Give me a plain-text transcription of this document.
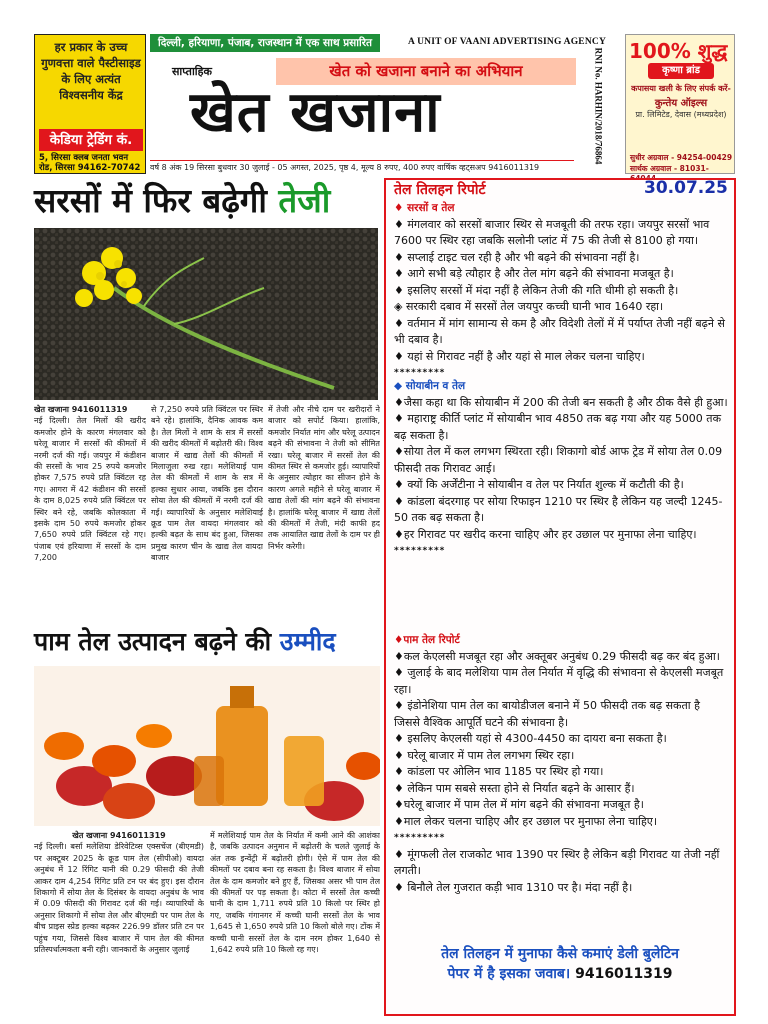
हर प्रकार के उच्च गुणवत्ता वाले पैस्टीसाइड के लिए अत्यंत विश्वसनीय केंद्र
केडिया ट्रेडिंग कं.
5, सिरसा क्लब जनता भवन रोड, सिरसा 94162-70742
दिल्ली, हरियाणा, पंजाब, राजस्थान में एक साथ प्रसारित	A UNIT OF VAANI ADVERTISING AGENCY
साप्ताहिक	खेत को खजाना बनाने का अभियान
खेत खजाना	RNI No. HARHIN/2018/76864 100% शुद्ध
कृष्णा ब्रांड
कपासया खली के लिए संपर्क करें-
कुन्तेय ऑइल्स
प्रा. लिमिटेड, देवास (मध्यप्रदेश)
सुधीर अग्रवाल - 94254-00429
सार्थक अग्रवाल - 81031-
वर्ष 8 अंक 19 सिरसा बुधवार 30 जुलाई - 05 अगस्त, 2025, पृष्ठ 4, मूल्य 8 रुपए, 400 रुपए वार्षिक व्हट्सअप 9416011319
सरसों में फिर बढ़ेगी तेजी
खेत खजाना 9416011319
नई दिल्ली। तेल मिलों की खरीद कमजोर होने के कारण मंगलवार को घरेलू बाजार में सरसों की कीमतों में नरमी दर्ज की गई। जयपुर में कंडीशन की सरसों के भाव 25 रुपये कमजोर होकर 7,575 रुपये प्रति क्विंटल रह गए। आगरा में 42 कंडीशन की सरसों के दाम 8,025 रुपये प्रति क्विंटल पर स्थिर बने रहे, जबकि कोलकाता में इसके दाम 50 रुपये कमजोर होकर 7,650 रुपये प्रति क्विंटल रहे गए। पंजाब एवं हरियाणा में सरसों के दाम 7,200
से 7,250 रुपये प्रति क्विंटल पर स्थिर बने रहे। हालांकि, दैनिक आवक कम है। तेल मिलों ने शाम के सत्र में सरसों की खरीद कीमतों में बढ़ोतरी की। विश्व बाजार में खाद्य तेलों की कीमतों में मिलाजुला रुख रहा। मलेशियाई पाम तेल की कीमतों में शाम के सत्र में हल्का सुधार आया, जबकि इस दौरान सोया तेल की कीमतों में नरमी दर्ज की गई। व्यापारियों के अनुसार मलेशियाई क्रूड पाम तेल वायदा मंगलवार को हल्की बढ़त के साथ बंद हुआ, जिसका प्रमुख कारण चीन के खाद्य तेल वायदा बाजार
में तेजी और नीचे दाम पर खरीदारों ने बाजार को सपोर्ट किया। हालांकि, कमजोर निर्यात मांग और घरेलू उत्पादन बढ़ने की संभावना ने तेजी को सीमित रखा। घरेलू बाजार में सरसों तेल की कीमत स्थिर से कमजोर हुई। व्यापारियों के अनुसार त्योहार का सीजन होने के कारण अगले महीने से घरेलू बाजार में खाद्य तेलों की मांग बढ़ने की संभावना है। हालांकि घरेलू बाजार में खाद्य तेलों की कीमतों में तेजी, मंदी काफी हद तक आयातित खाद्य तेलों के दाम पर ही निर्भर करेगी।
पाम तेल उत्पादन बढ़ने की उम्मीद
खेत खजाना 9416011319
नई दिल्ली। बर्सा मलेशिया डेरिवेटिव्स एक्सचेंज (बीएमडी) पर अक्टूबर 2025 के क्रूड पाम तेल (सीपीओ) वायदा अनुबंध में 12 रिंगिट यानी की 0.29 फीसदी की तेजी आकर दाम 4,254 रिंगिट प्रति टन पर बंद हुए। इस दौरान शिकागो में सोया तेल के दिसंबर के वायदा अनुबंध के भाव में 0.09 फीसदी की गिरावट दर्ज की गई। व्यापारियों के अनुसार शिकागो में सोया तेल और बीएमडी पर पाम तेल के बीच प्राइस स्प्रेड हल्का बढ़कर 226.99 डॉलर प्रति टन पर पहुंच गया, जिससे विश्व बाजार में पाम तेल की कीमत प्रतिस्पर्धात्मकता बनी रही। जानकारों के अनुसार जुलाई
में मलेशियाई पाम तेल के निर्यात में कमी आने की आशंका है, जबकि उत्पादन अनुमान में बढ़ोतरी के चलते जुलाई के अंत तक इन्वेंट्री में बढ़ोतरी होगी। ऐसे में पाम तेल की कीमतों पर दबाव बना रह सकता है। विश्व बाजार में सोया तेल के दाम कमजोर बने हुए हैं, जिसका असर भी पाम तेल की कीमतों पर पड़ सकता है। कोटा में सरसों तेल कच्ची घानी के दाम 1,711 रुपये प्रति 10 किलो पर स्थिर हो गए, जबकि गंगानगर में कच्ची घानी सरसों तेल के भाव 1,645 से 1,650 रुपये प्रति 10 किलो बोले गए। टोंक में कच्ची घानी सरसों तेल के दाम नरम होकर 1,640 से 1,642 रुपये प्रति 10 किलो रह गए।
तेल तिलहन रिपोर्ट	30.07.25
♦ सरसों व तेल
♦ मंगलवार को सरसों बाजार स्थिर से मजबूती की तरफ रहा। जयपुर सरसों भाव 7600 पर स्थिर रहा जबकि सलोनी प्लांट में 75 की तेजी से 8100 हो गया।
♦ सप्लाई टाइट चल रही है और भी बढ़ने की संभावना नहीं है।
♦ आगे सभी बड़े त्यौहार है और तेल मांग बढ़ने की संभावना मजबूत है।
♦ इसलिए सरसों में मंदा नहीं है लेकिन तेजी की गति धीमी हो सकती है।
◈ सरकारी दबाव में सरसों तेल जयपुर कच्ची घानी भाव 1640 रहा।
♦ वर्तमान में मांग सामान्य से कम है और विदेशी तेलों में में पर्याप्त तेजी नहीं बढ़ने से भी दबाव है।
♦ यहां से गिरावट नहीं है और यहां से माल लेकर चलना चाहिए।
*********
◆ सोयाबीन व तेल
♦जैसा कहा था कि सोयाबीन में 200 की तेजी बन सकती है और ठीक वैसे ही हुआ।
♦ महाराष्ट्र कीर्ति प्लांट में सोयाबीन भाव 4850 तक बढ़ गया और यह 5000 तक बढ़ सकता है।
♦सोया तेल में कल लगभग स्थिरता रही। शिकागो बोर्ड आफ ट्रेड में सोया तेल 0.09 फीसदी तक गिरावट आई।
♦ क्यों कि अर्जेंटीना ने सोयाबीन व तेल पर निर्यात शुल्क में कटौती की है।
♦ कांडला बंदरगाह पर सोया रिफाइन 1210 पर स्थिर है लेकिन यह जल्दी 1245-50 तक बढ़ सकता है।
♦हर गिरावट पर खरीद करना चाहिए और हर उछाल पर मुनाफा लेना चाहिए।
*********
♦पाम तेल रिपोर्ट
♦कल केएलसी मजबूत रहा और अक्तूबर अनुबंध 0.29 फीसदी बढ़ कर बंद हुआ।
♦ जुलाई के बाद मलेशिया पाम तेल निर्यात में वृद्धि की संभावना से केएलसी मजबूत रहा।
♦ इंडोनेशिया पाम तेल का बायोडीजल बनाने में 50 फीसदी तक बढ़ सकता है जिससे वैश्विक आपूर्ति घटने की संभावना है।
♦ इसलिए केएलसी यहां से 4300-4450 का दायरा बना सकता है।
♦ घरेलू बाजार में पाम तेल लगभग स्थिर रहा।
♦ कांडला पर ओलिन भाव 1185 पर स्थिर हो गया।
♦ लेकिन पाम सबसे सस्ता होने से निर्यात बढ़ने के आसार हैं।
♦घरेलू बाजार में पाम तेल में मांग बढ़ने की संभावना मजबूत है।
♦माल लेकर चलना चाहिए और हर उछाल पर मुनाफा लेना चाहिए।
*********
♦ मूंगफली तेल राजकोट भाव 1390 पर स्थिर है लेकिन बड़ी गिरावट या तेजी नहीं लगती।
♦ बिनौले तेल गुजरात कड़ी भाव 1310 पर है। मंदा नहीं है।
तेल तिलहन में मुनाफा कैसे कमाएं डेली बुलेटिन
पेपर में है इसका जवाब। 9416011319
